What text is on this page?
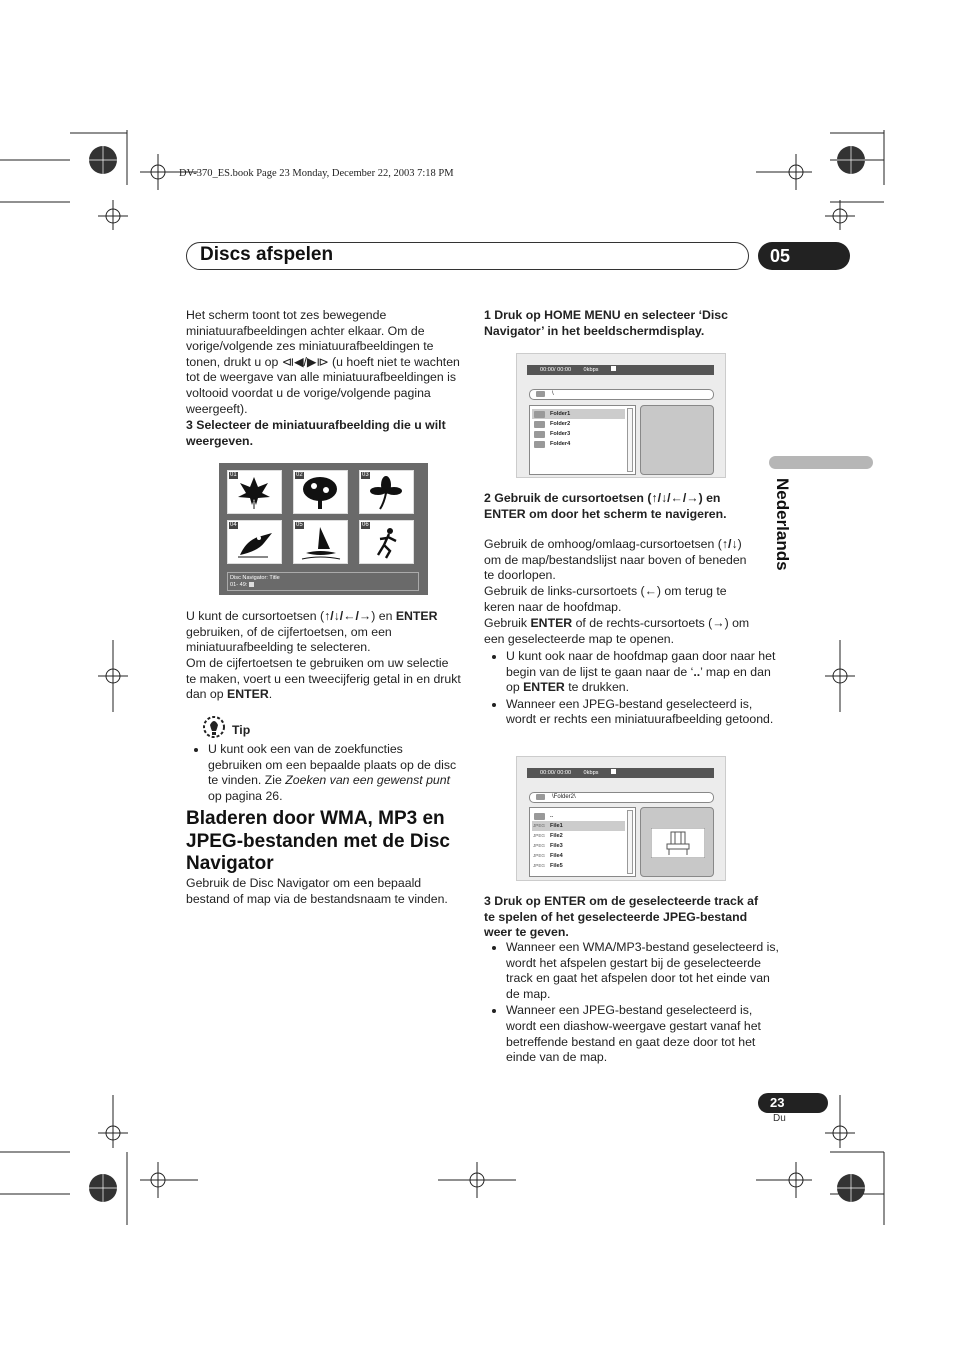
DV-370_ES.book Page 23 Monday, December 22, 2003 7:18 PM
Discs afspelen	05
Nederlands

Het scherm toont tot zes bewegende miniatuurafbeeldingen achter elkaar. Om de vorige/volgende zes miniatuurafbeeldingen te tonen, drukt u op ⧏◀/▶⧐ (u hoeft niet te wachten tot de weergave van alle miniatuurafbeeldingen is voltooid voordat u de vorige/volgende pagina weergeeft).

3 Selecteer de miniatuurafbeelding die u wilt weergeven.

01	02	03
04	05	06
Disc Navigator: Title
01- 49:

U kunt de cursortoetsen (↑/↓/←/→) en ENTER gebruiken, of de cijfertoetsen, om een miniatuurafbeelding te selecteren.

Om de cijfertoetsen te gebruiken om uw selectie te maken, voert u een tweecijferig getal in en drukt dan op ENTER.

Tip
• U kunt ook een van de zoekfuncties gebruiken om een bepaalde plaats op de disc te vinden. Zie Zoeken van een gewenst punt op pagina 26.

Bladeren door WMA, MP3 en JPEG-bestanden met de Disc Navigator

Gebruik de Disc Navigator om een bepaald bestand of map via de bestandsnaam te vinden.

1 Druk op HOME MENU en selecteer ‘Disc Navigator’ in het beeldschermdisplay.

00:00/ 00:00 0kbps
\
Folder1
Folder2
Folder3
Folder4

2 Gebruik de cursortoetsen (↑/↓/←/→) en ENTER om door het scherm te navigeren.

Gebruik de omhoog/omlaag-cursortoetsen (↑/↓) om de map/bestandslijst naar boven of beneden te doorlopen.

Gebruik de links-cursortoets (←) om terug te keren naar de hoofdmap.

Gebruik ENTER of de rechts-cursortoets (→) om een geselecteerde map te openen.

• U kunt ook naar de hoofdmap gaan door naar het begin van de lijst te gaan naar de ‘..’ map en dan op ENTER te drukken.
• Wanneer een JPEG-bestand geselecteerd is, wordt er rechts een miniatuurafbeelding getoond.
00:00/ 00:00 0kbps
\Folder2\
..
JPEG File1
JPEG File2
JPEG File3
JPEG File4
JPEG File5

3 Druk op ENTER om de geselecteerde track af te spelen of het geselecteerde JPEG-bestand weer te geven.

• Wanneer een WMA/MP3-bestand geselecteerd is, wordt het afspelen gestart bij de geselecteerde track en gaat het afspelen door tot het einde van de map.
• Wanneer een JPEG-bestand geselecteerd is, wordt een diashow-weergave gestart vanaf het betreffende bestand en gaat deze door tot het einde van de map.
23
Du
